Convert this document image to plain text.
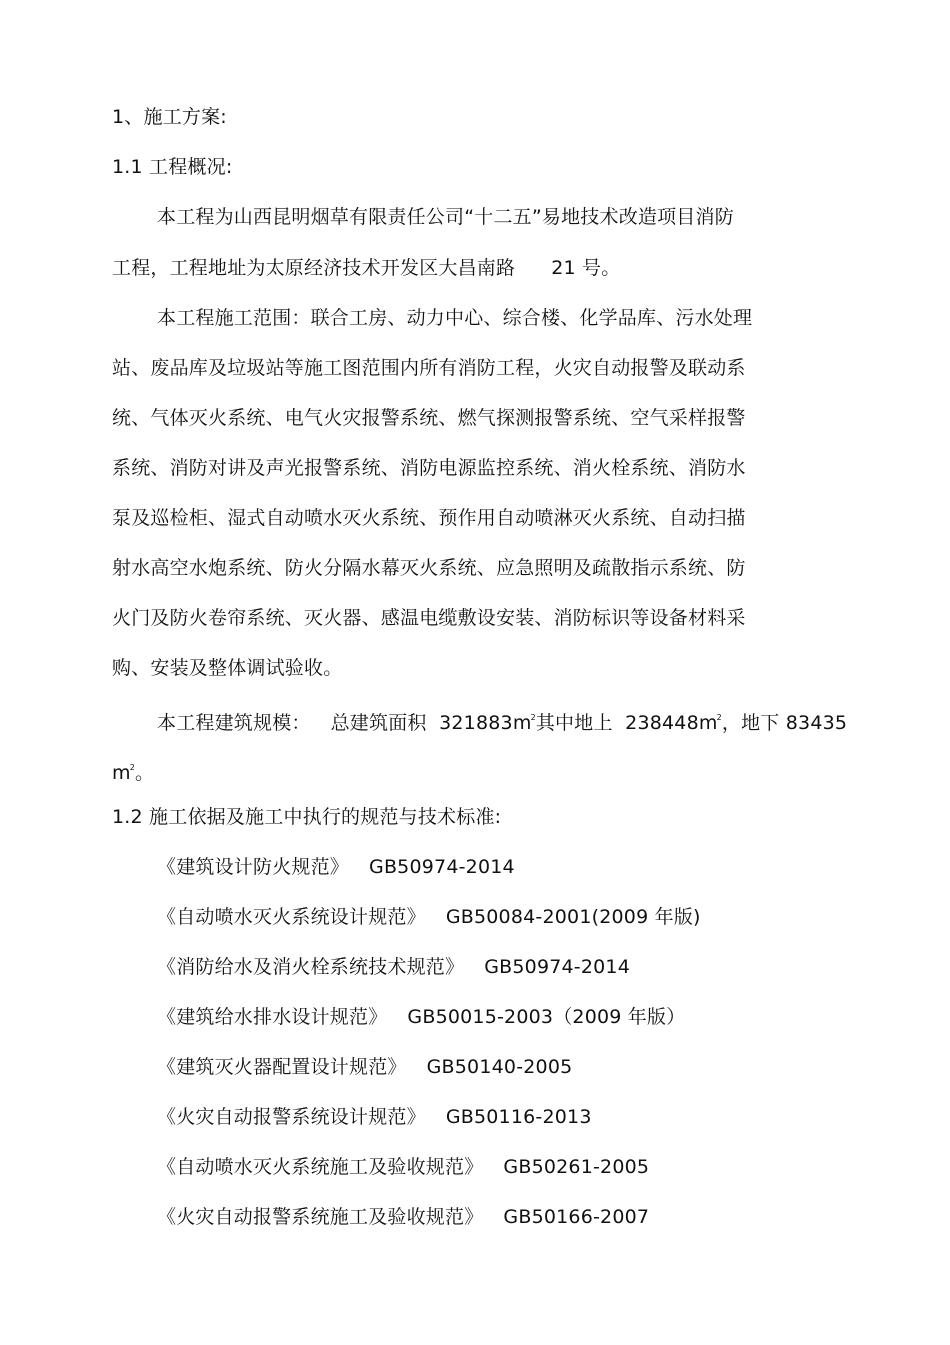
1、施工方案:
1.1 工程概况:
本工程为山西昆明烟草有限责任公司“十二五”易地技术改造项目消防
工程，工程地址为太原经济技术开发区大昌南路 21 号。
本工程施工范围：联合工房、动力中心、综合楼、化学品库、污水处理
站、废品库及垃圾站等施工图范围内所有消防工程，火灾自动报警及联动系
统、气体灭火系统、电气火灾报警系统、燃气探测报警系统、空气采样报警
系统、消防对讲及声光报警系统、消防电源监控系统、消火栓系统、消防水
泵及巡检柜、湿式自动喷水灭火系统、预作用自动喷淋灭火系统、自动扫描
射水高空水炮系统、防火分隔水幕灭火系统、应急照明及疏散指示系统、防
火门及防火卷帘系统、灭火器、感温电缆敷设安装、消防标识等设备材料采
购、安装及整体调试验收。
本工程建筑规模： 总建筑面积 $321883m^2$其中地上 $238448m^2$，地下 83435
$m^2$。
1.2 施工依据及施工中执行的规范与技术标准:
《建筑设计防火规范》 GB50974-2014
《自动喷水灭火系统设计规范》 GB50084-2001(2009 年版)
《消防给水及消火栓系统技术规范》 GB50974-2014
《建筑给水排水设计规范》 GB50015-2003（2009 年版）
《建筑灭火器配置设计规范》 GB50140-2005
《火灾自动报警系统设计规范》 GB50116-2013
《自动喷水灭火系统施工及验收规范》 GB50261-2005
《火灾自动报警系统施工及验收规范》 GB50166-2007
